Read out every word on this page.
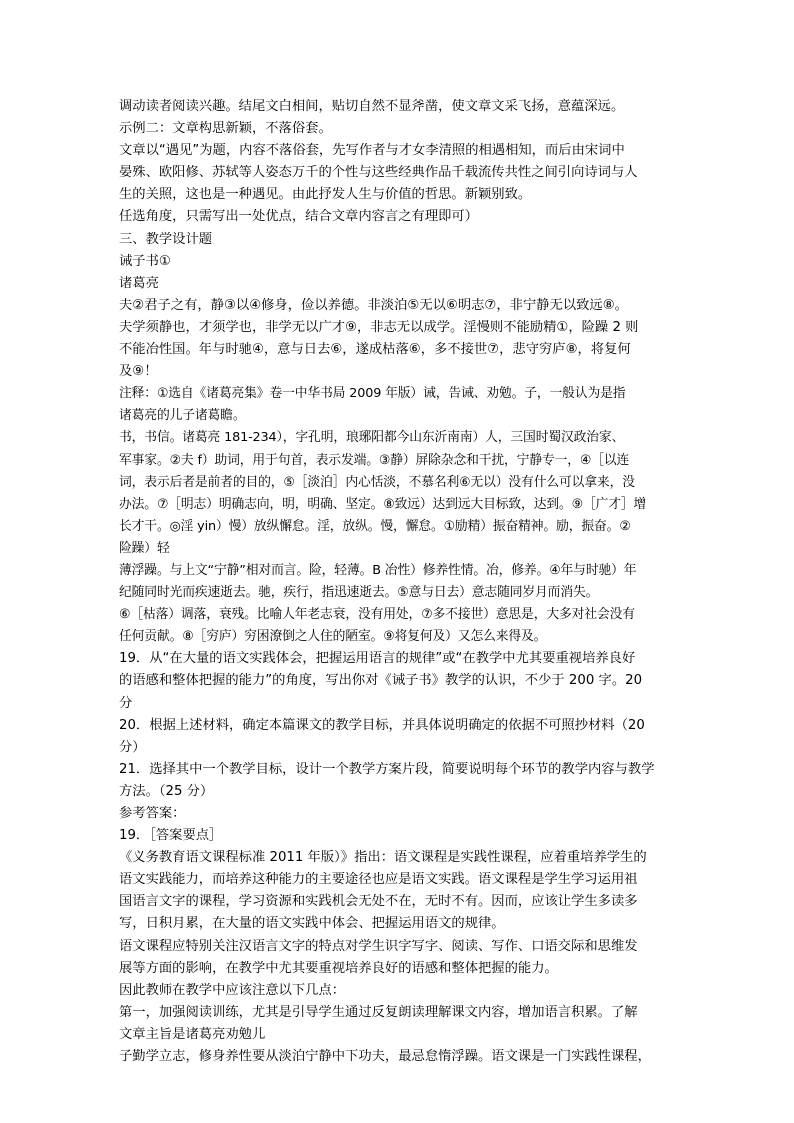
调动读者阅读兴趣。结尾文白相间，贴切自然不显斧凿，使文章文采飞扬，意蕴深远。

示例二：文章构思新颖，不落俗套。

文章以“遇见”为题，内容不落俗套，先写作者与才女李清照的相遇相知，而后由宋词中

晏殊、欧阳修、苏轼等人姿态万千的个性与这些经典作品千载流传共性之间引向诗词与人

生的关照，这也是一种遇见。由此抒发人生与价值的哲思。新颖别致。

任选角度，只需写出一处优点，结合文章内容言之有理即可）

三、教学设计题

诫子书①

诸葛亮

夫②君子之有，静③以④修身，俭以养德。非淡泊⑤无以⑥明志⑦，非宁静无以致远⑧。

夫学须静也，才须学也，非学无以广才⑨，非志无以成学。淫慢则不能励精①，险躁 2 则

不能冶性国。年与时驰④，意与日去⑥，遂成枯落⑥，多不接世⑦，悲守穷庐⑧，将复何

及⑨！

注释：①选自《诸葛亮集》卷一中华书局 2009 年版）诫，告诫、劝勉。子，一般认为是指

诸葛亮的儿子诸葛瞻。

书，书信。诸葛亮 181-234），字孔明，琅琊阳都今山东沂南南）人，三国时蜀汉政治家、

军事家。②夫 f）助词，用于句首，表示发端。③静）屏除杂念和干扰，宁静专一，④［以连

词，表示后者是前者的目的，⑤［淡泊］内心恬淡，不慕名利⑥无以）没有什么可以拿来，没

办法。⑦［明志）明确志向，明，明确、坚定。⑧致远）达到远大目标致，达到。⑨［广才］增

长才干。◎淫 yin）慢）放纵懈怠。淫，放纵。慢，懈怠。①励精）振奋精神。励，振奋。②

险躁）轻

薄浮躁。与上文“宁静”相对而言。险，轻薄。B 冶性）修养性情。冶，修养。④年与时驰）年

纪随同时光而疾速逝去。驰，疾行，指迅速逝去。⑤意与日去）意志随同岁月而消失。

⑥［枯落）调落，衰残。比喻人年老志衰，没有用处，⑦多不接世）意思是，大多对社会没有

任何贡献。⑧［穷庐）穷困潦倒之人住的陋室。⑨将复何及）又怎么来得及。

19．从“在大量的语文实践体会，把握运用语言的规律”或“在教学中尤其要重视培养良好

的语感和整体把握的能力”的角度，写出你对《诫子书》教学的认识，不少于 200 字。20

分

20．根据上述材料，确定本篇课文的教学目标，并具体说明确定的依据不可照抄材料（20

分）

21．选择其中一个教学目标，设计一个教学方案片段，简要说明每个环节的教学内容与教学

方法。（25 分）

参考答案：

19．［答案要点］

《义务教育语文课程标准 2011 年版）》指出：语文课程是实践性课程，应着重培养学生的

语文实践能力，而培养这种能力的主要途径也应是语文实践。语文课程是学生学习运用祖

国语言文字的课程，学习资源和实践机会无处不在，无时不有。因而，应该让学生多读多

写，日积月累，在大量的语文实践中体会、把握运用语文的规律。

语文课程应特别关注汉语言文字的特点对学生识字写字、阅读、写作、口语交际和思维发

展等方面的影响，在教学中尤其要重视培养良好的语感和整体把握的能力。

因此教师在教学中应该注意以下几点：

第一，加强阅读训练，尤其是引导学生通过反复朗读理解课文内容，增加语言积累。了解

文章主旨是诸葛亮劝勉儿

子勤学立志，修身养性要从淡泊宁静中下功夫，最忌怠惰浮躁。语文课是一门实践性课程，
